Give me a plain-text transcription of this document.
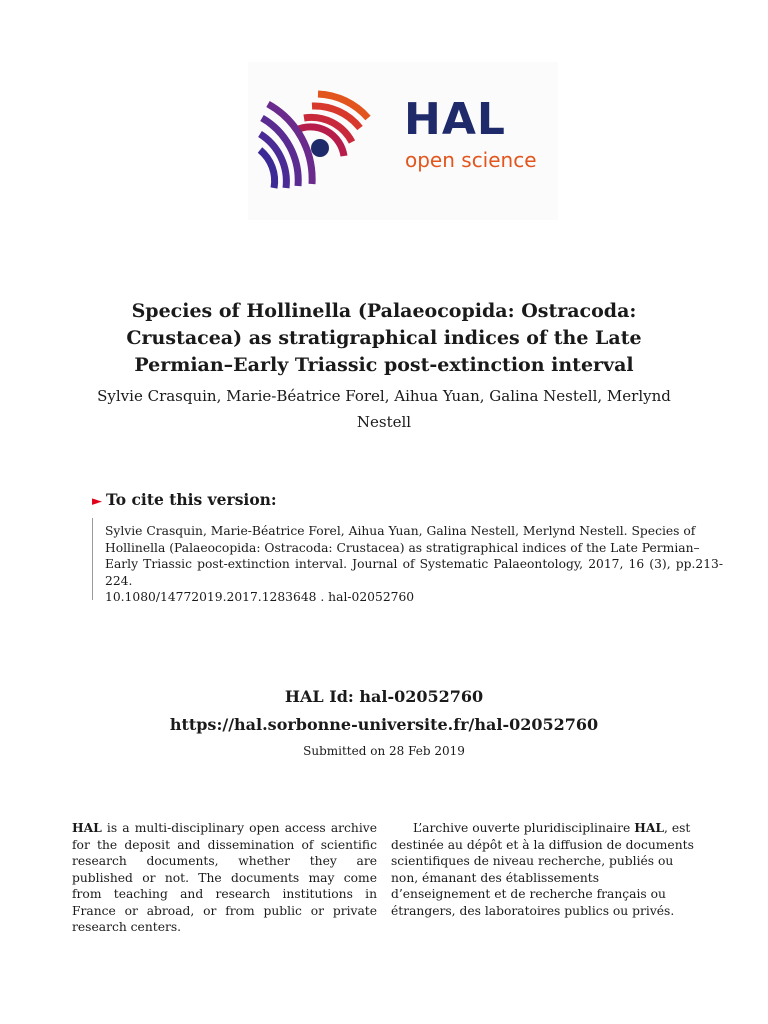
HAL
open science
Species of Hollinella (Palaeocopida: Ostracoda:
Crustacea) as stratigraphical indices of the Late
Permian–Early Triassic post-extinction interval

Sylvie Crasquin, Marie-Béatrice Forel, Aihua Yuan, Galina Nestell, Merlynd
Nestell

► To cite this version:

Sylvie Crasquin, Marie-Béatrice Forel, Aihua Yuan, Galina Nestell, Merlynd Nestell. Species of
Hollinella (Palaeocopida: Ostracoda: Crustacea) as stratigraphical indices of the Late Permian–
Early Triassic post-extinction interval. Journal of Systematic Palaeontology, 2017, 16 (3), pp.213-224.
10.1080/14772019.2017.1283648 . hal-02052760

HAL Id: hal-02052760

https://hal.sorbonne-universite.fr/hal-02052760
Submitted on 28 Feb 2019

HAL is a multi-disciplinary open access archive for the deposit and dissemination of scientific research documents, whether they are published or not. The documents may come from teaching and research institutions in France or abroad, or from public or private research centers.

L’archive ouverte pluridisciplinaire HAL, est destinée au dépôt et à la diffusion de documents scientifiques de niveau recherche, publiés ou non, émanant des établissements d’enseignement et de recherche français ou étrangers, des laboratoires publics ou privés.
